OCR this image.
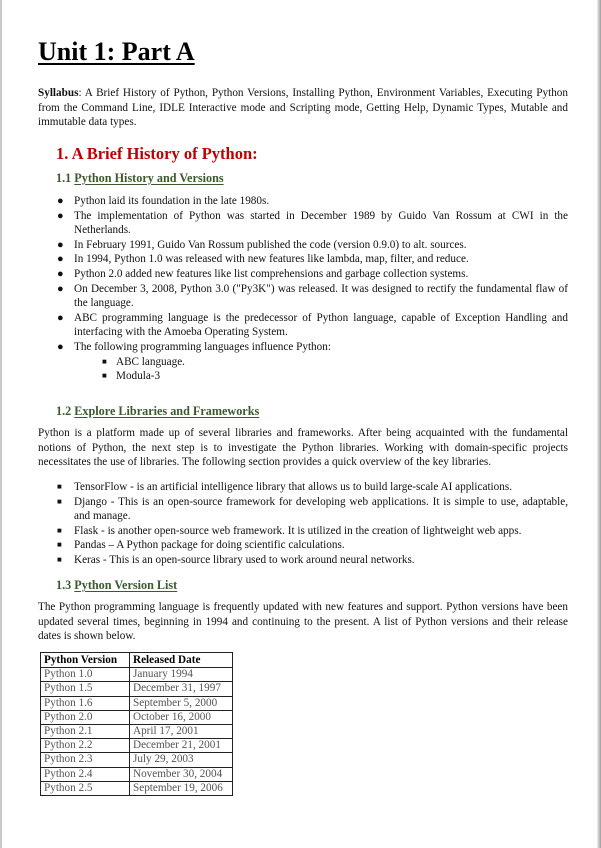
Unit 1: Part A

Syllabus: A Brief History of Python, Python Versions, Installing Python, Environment Variables, Executing Python from the Command Line, IDLE Interactive mode and Scripting mode, Getting Help, Dynamic Types, Mutable and immutable data types.

1. A Brief History of Python:
1.1 Python History and Versions
● Python laid its foundation in the late 1980s.
● The implementation of Python was started in December 1989 by Guido Van Rossum at CWI in the Netherlands.
● In February 1991, Guido Van Rossum published the code (version 0.9.0) to alt. sources.
● In 1994, Python 1.0 was released with new features like lambda, map, filter, and reduce.
● Python 2.0 added new features like list comprehensions and garbage collection systems.
● On December 3, 2008, Python 3.0 ("Py3K") was released. It was designed to rectify the fundamental flaw of the language.
● ABC programming language is the predecessor of Python language, capable of Exception Handling and interfacing with the Amoeba Operating System.
● The following programming languages influence Python:
■ ABC language.
■ Modula-3
1.2 Explore Libraries and Frameworks

Python is a platform made up of several libraries and frameworks. After being acquainted with the fundamental notions of Python, the next step is to investigate the Python libraries. Working with domain-specific projects necessitates the use of libraries. The following section provides a quick overview of the key libraries.

■ TensorFlow - is an artificial intelligence library that allows us to build large-scale AI applications.
■ Django - This is an open-source framework for developing web applications. It is simple to use, adaptable, and manage.
■ Flask - is another open-source web framework. It is utilized in the creation of lightweight web apps.
■ Pandas – A Python package for doing scientific calculations.
■ Keras - This is an open-source library used to work around neural networks.
1.3 Python Version List

The Python programming language is frequently updated with new features and support. Python versions have been updated several times, beginning in 1994 and continuing to the present. A list of Python versions and their release dates is shown below.

Python Version	Released Date
Python 1.0	January 1994
Python 1.5	December 31, 1997
Python 1.6	September 5, 2000
Python 2.0	October 16, 2000
Python 2.1	April 17, 2001
Python 2.2	December 21, 2001
Python 2.3	July 29, 2003
Python 2.4	November 30, 2004
Python 2.5	September 19, 2006
